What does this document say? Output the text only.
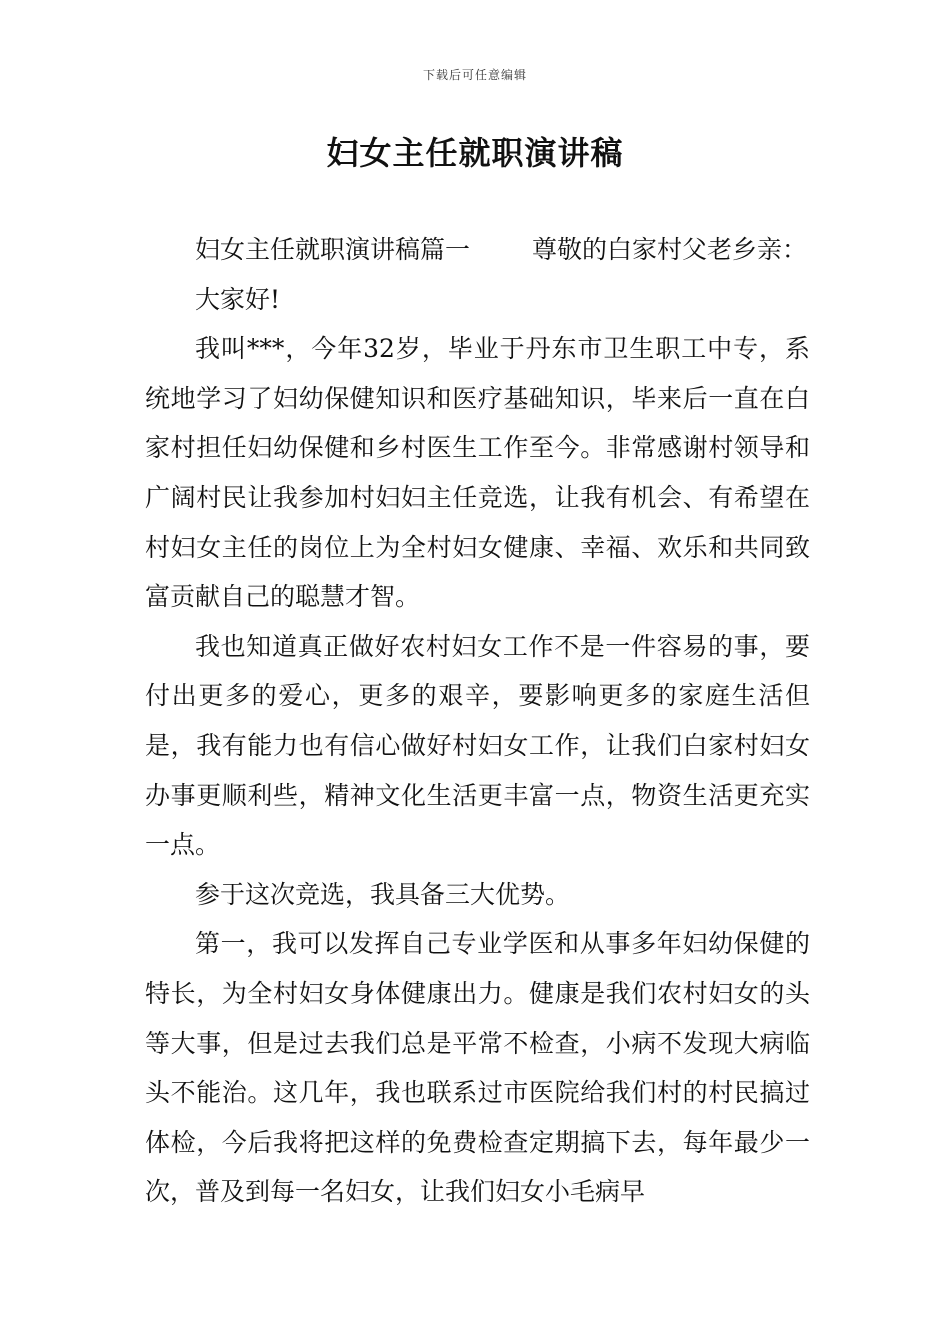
下载后可任意编辑
妇女主任就职演讲稿

妇女主任就职演讲稿篇一 尊敬的白家村父老乡亲：

大家好!

我叫***，今年32岁，毕业于丹东市卫生职工中专，系统地学习了妇幼保健知识和医疗基础知识，毕来后一直在白家村担任妇幼保健和乡村医生工作至今。非常感谢村领导和广阔村民让我参加村妇妇主任竞选，让我有机会、有希望在村妇女主任的岗位上为全村妇女健康、幸福、欢乐和共同致富贡献自己的聪慧才智。

我也知道真正做好农村妇女工作不是一件容易的事，要付出更多的爱心，更多的艰辛，要影响更多的家庭生活但是，我有能力也有信心做好村妇女工作，让我们白家村妇女办事更顺利些，精神文化生活更丰富一点，物资生活更充实一点。

参于这次竞选，我具备三大优势。

第一，我可以发挥自己专业学医和从事多年妇幼保健的特长，为全村妇女身体健康出力。健康是我们农村妇女的头等大事，但是过去我们总是平常不检查，小病不发现大病临头不能治。这几年，我也联系过市医院给我们村的村民搞过体检，今后我将把这样的免费检查定期搞下去，每年最少一次，普及到每一名妇女，让我们妇女小毛病早
